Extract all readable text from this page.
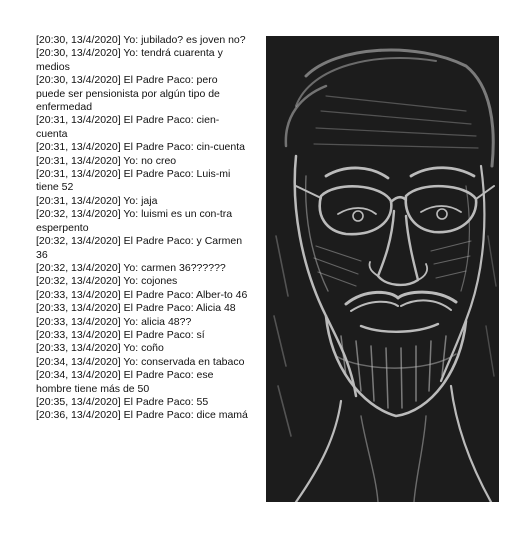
[20:30, 13/4/2020] Yo: jubilado? es joven no?

[20:30, 13/4/2020] Yo: tendrá cuarenta y medios

[20:30, 13/4/2020] El Padre Paco: pero puede ser pensionista por algún tipo de enfermedad

[20:31, 13/4/2020] El Padre Paco: cien-cuenta

[20:31, 13/4/2020] El Padre Paco: cin-cuenta

[20:31, 13/4/2020] Yo: no creo

[20:31, 13/4/2020] El Padre Paco: Luis-mi tiene 52

[20:31, 13/4/2020] Yo: jaja

[20:32, 13/4/2020] Yo: luismi es un con-tra esperpento

[20:32, 13/4/2020] El Padre Paco: y Carmen 36

[20:32, 13/4/2020] Yo: carmen 36??????

[20:32, 13/4/2020] Yo: cojones

[20:33, 13/4/2020] El Padre Paco: Alber-to 46

[20:33, 13/4/2020] El Padre Paco: Alicia 48

[20:33, 13/4/2020] Yo: alicia 48??

[20:33, 13/4/2020] El Padre Paco: sí

[20:33, 13/4/2020] Yo: coño

[20:34, 13/4/2020] Yo: conservada en tabaco

[20:34, 13/4/2020] El Padre Paco: ese hombre tiene más de 50

[20:35, 13/4/2020] El Padre Paco: 55

[20:36, 13/4/2020] El Padre Paco: dice mamá
